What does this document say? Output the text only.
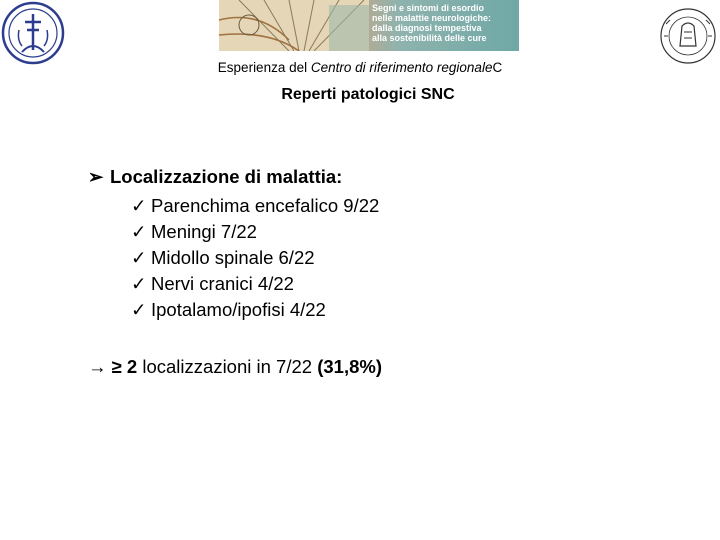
Segni e sintomi di esordio
nelle malattie neurologiche:
dalla diagnosi tempestiva
alla sostenibilità delle cure
Esperienza del Centro di riferimento regionaleC
Reperti patologici SNC
➢ Localizzazione di malattia:
✓ Parenchima encefalico 9/22
✓ Meningi 7/22
✓ Midollo spinale 6/22
✓ Nervi cranici 4/22
✓ Ipotalamo/ipofisi 4/22
→ ≥ 2 localizzazioni in 7/22 (31,8%)
